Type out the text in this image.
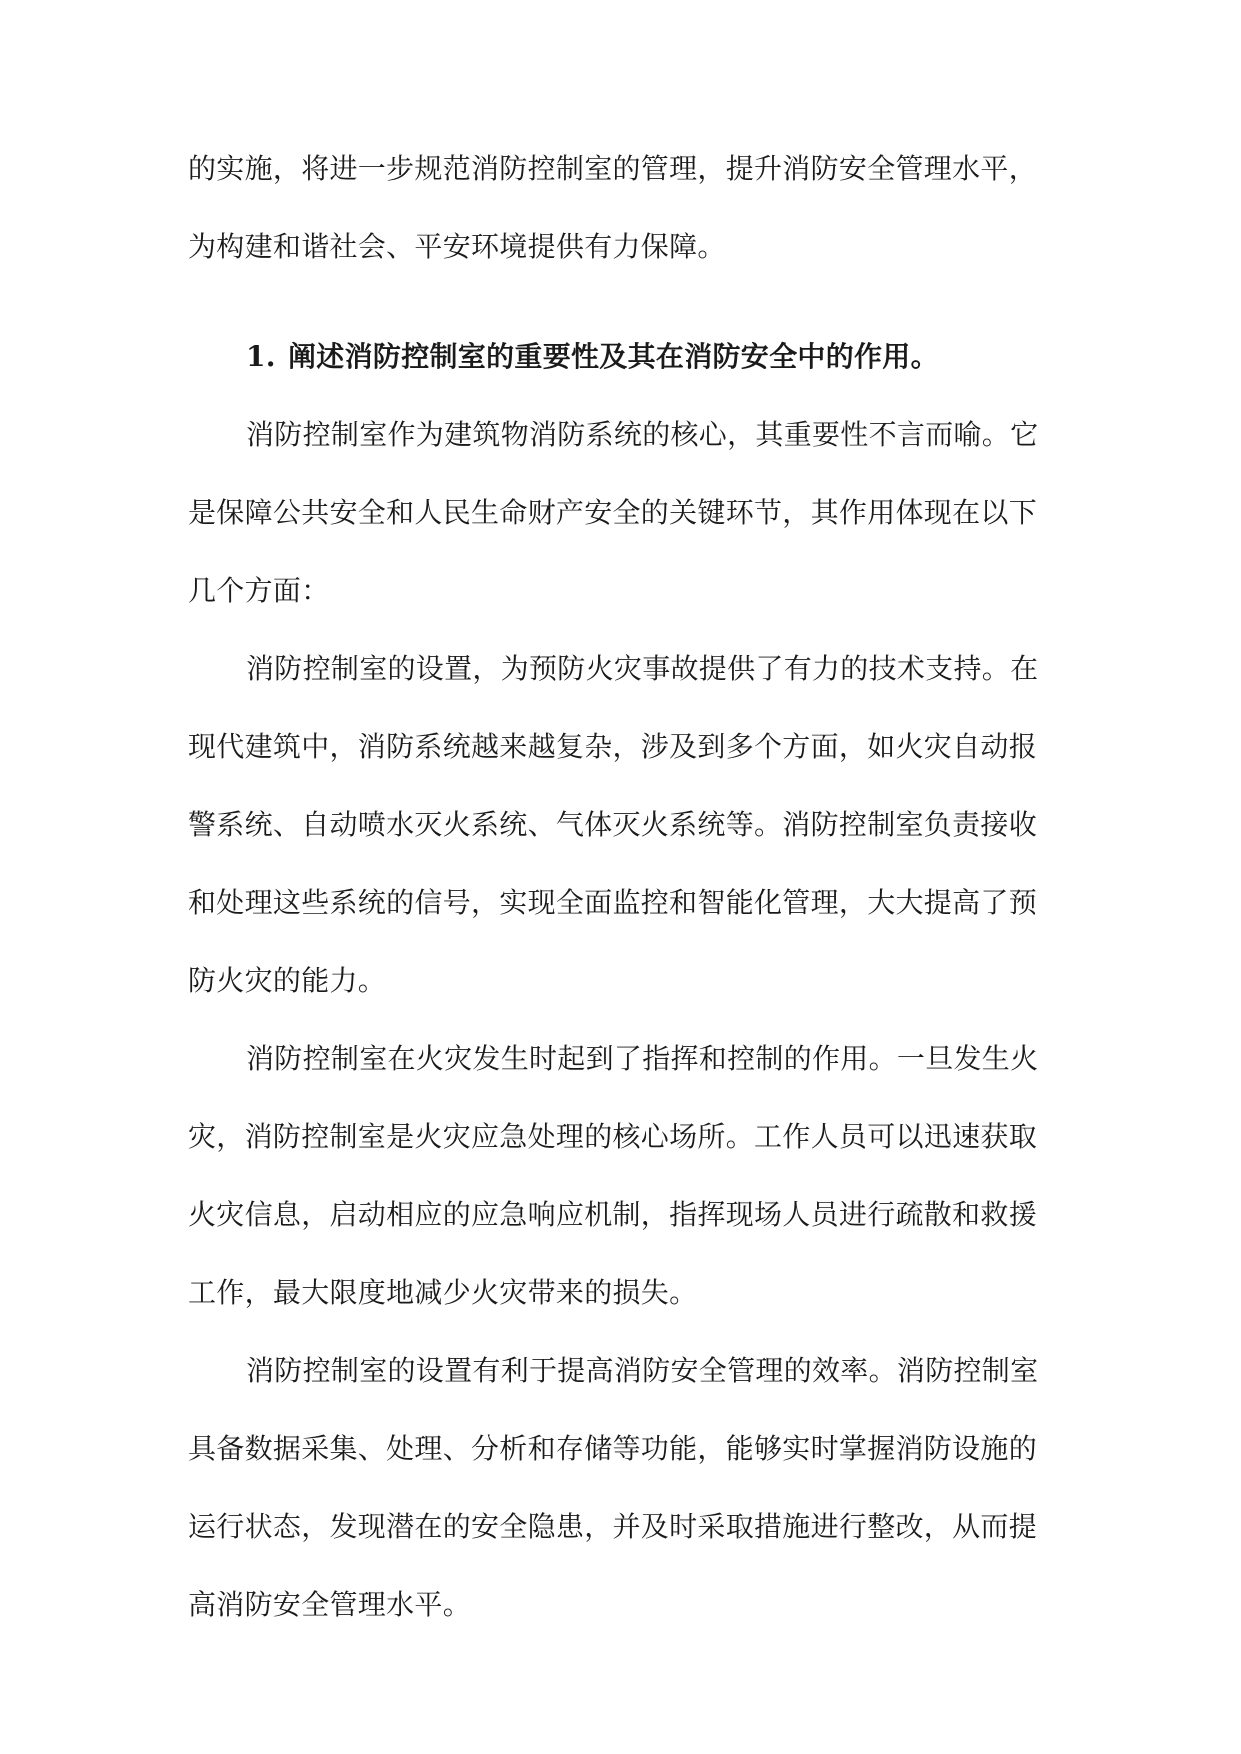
的实施，将进一步规范消防控制室的管理，提升消防安全管理水平，
为构建和谐社会、平安环境提供有力保障。
1. 阐述消防控制室的重要性及其在消防安全中的作用。
消防控制室作为建筑物消防系统的核心，其重要性不言而喻。它
是保障公共安全和人民生命财产安全的关键环节，其作用体现在以下
几个方面：
消防控制室的设置，为预防火灾事故提供了有力的技术支持。在
现代建筑中，消防系统越来越复杂，涉及到多个方面，如火灾自动报
警系统、自动喷水灭火系统、气体灭火系统等。消防控制室负责接收
和处理这些系统的信号，实现全面监控和智能化管理，大大提高了预
防火灾的能力。
消防控制室在火灾发生时起到了指挥和控制的作用。一旦发生火
灾，消防控制室是火灾应急处理的核心场所。工作人员可以迅速获取
火灾信息，启动相应的应急响应机制，指挥现场人员进行疏散和救援
工作，最大限度地减少火灾带来的损失。
消防控制室的设置有利于提高消防安全管理的效率。消防控制室
具备数据采集、处理、分析和存储等功能，能够实时掌握消防设施的
运行状态，发现潜在的安全隐患，并及时采取措施进行整改，从而提
高消防安全管理水平。
